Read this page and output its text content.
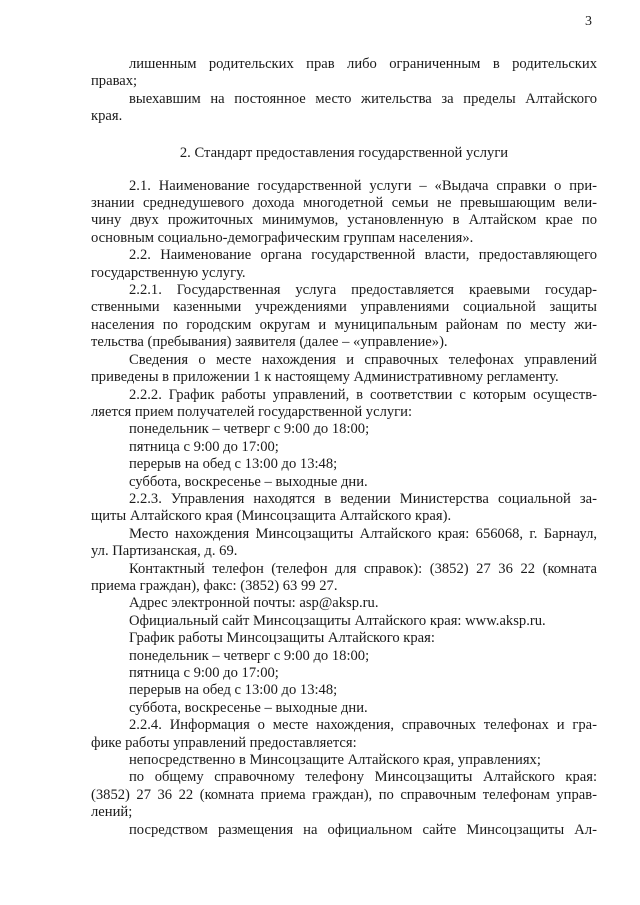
3

лишенным родительских прав либо ограниченным в родительских

правах;

выехавшим на постоянное место жительства за пределы Алтайского

края.

2. Стандарт предоставления государственной услуги

2.1. Наименование государственной услуги – «Выдача справки о при-

знании среднедушевого дохода многодетной семьи не превышающим вели-

чину двух прожиточных минимумов, установленную в Алтайском крае по

основным социально-демографическим группам населения».

2.2. Наименование органа государственной власти, предоставляющего

государственную услугу.

2.2.1. Государственная услуга предоставляется краевыми государ-

ственными казенными учреждениями управлениями социальной защиты

населения по городским округам и муниципальным районам по месту жи-

тельства (пребывания) заявителя (далее – «управление»).

Сведения о месте нахождения и справочных телефонах управлений

приведены в приложении 1 к настоящему Административному регламенту.

2.2.2. График работы управлений, в соответствии с которым осуществ-

ляется прием получателей государственной услуги:

понедельник – четверг с 9:00 до 18:00;

пятница с 9:00 до 17:00;

перерыв на обед с 13:00 до 13:48;

суббота, воскресенье – выходные дни.

2.2.3. Управления находятся в ведении Министерства социальной за-

щиты Алтайского края (Минсоцзащита Алтайского края).

Место нахождения Минсоцзащиты Алтайского края: 656068, г. Барнаул,

ул. Партизанская, д. 69.

Контактный телефон (телефон для справок): (3852) 27 36 22 (комната

приема граждан), факс: (3852) 63 99 27.

Адрес электронной почты: asp@aksp.ru.

Официальный сайт Минсоцзащиты Алтайского края: www.aksp.ru.

График работы Минсоцзащиты Алтайского края:

понедельник – четверг с 9:00 до 18:00;

пятница с 9:00 до 17:00;

перерыв на обед с 13:00 до 13:48;

суббота, воскресенье – выходные дни.

2.2.4. Информация о месте нахождения, справочных телефонах и гра-

фике работы управлений предоставляется:

непосредственно в Минсоцзащите Алтайского края, управлениях;

по общему справочному телефону Минсоцзащиты Алтайского края:

(3852) 27 36 22 (комната приема граждан), по справочным телефонам управ-

лений;

посредством размещения на официальном сайте Минсоцзащиты Ал-
